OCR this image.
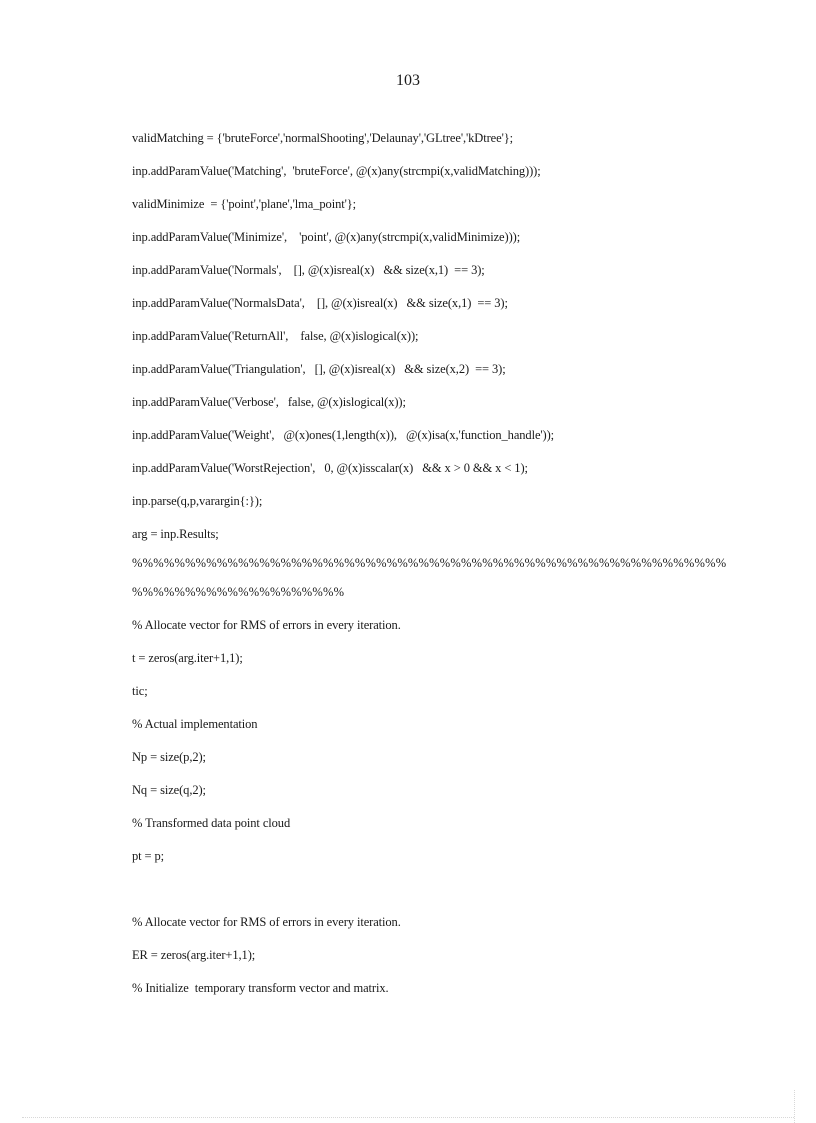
103
validMatching = {'bruteForce','normalShooting','Delaunay','GLtree','kDtree'};
inp.addParamValue('Matching',  'bruteForce', @(x)any(strcmpi(x,validMatching)));
validMinimize  = {'point','plane','lma_point'};
inp.addParamValue('Minimize',    'point', @(x)any(strcmpi(x,validMinimize)));
inp.addParamValue('Normals',    [], @(x)isreal(x)   && size(x,1)  == 3);
inp.addParamValue('NormalsData',    [], @(x)isreal(x)   && size(x,1)  == 3);
inp.addParamValue('ReturnAll',    false, @(x)islogical(x));
inp.addParamValue('Triangulation',   [], @(x)isreal(x)   && size(x,2)  == 3);
inp.addParamValue('Verbose',   false, @(x)islogical(x));
inp.addParamValue('Weight',   @(x)ones(1,length(x)),   @(x)isa(x,'function_handle'));
inp.addParamValue('WorstRejection',   0, @(x)isscalar(x)   && x > 0 && x < 1);
inp.parse(q,p,varargin{:});
arg = inp.Results;
%%%%%%%%%%%%%%%%%%%%%%%%%%%%%%%%%%%%%%%%%%%%%%%%%%%%%%%%
%%%%%%%%%%%%%%%%%%%%
% Allocate vector for RMS of errors in every iteration.
t = zeros(arg.iter+1,1);
tic;
% Actual implementation
Np = size(p,2);
Nq = size(q,2);
% Transformed data point cloud
pt = p;
% Allocate vector for RMS of errors in every iteration.
ER = zeros(arg.iter+1,1);
% Initialize  temporary transform vector and matrix.
